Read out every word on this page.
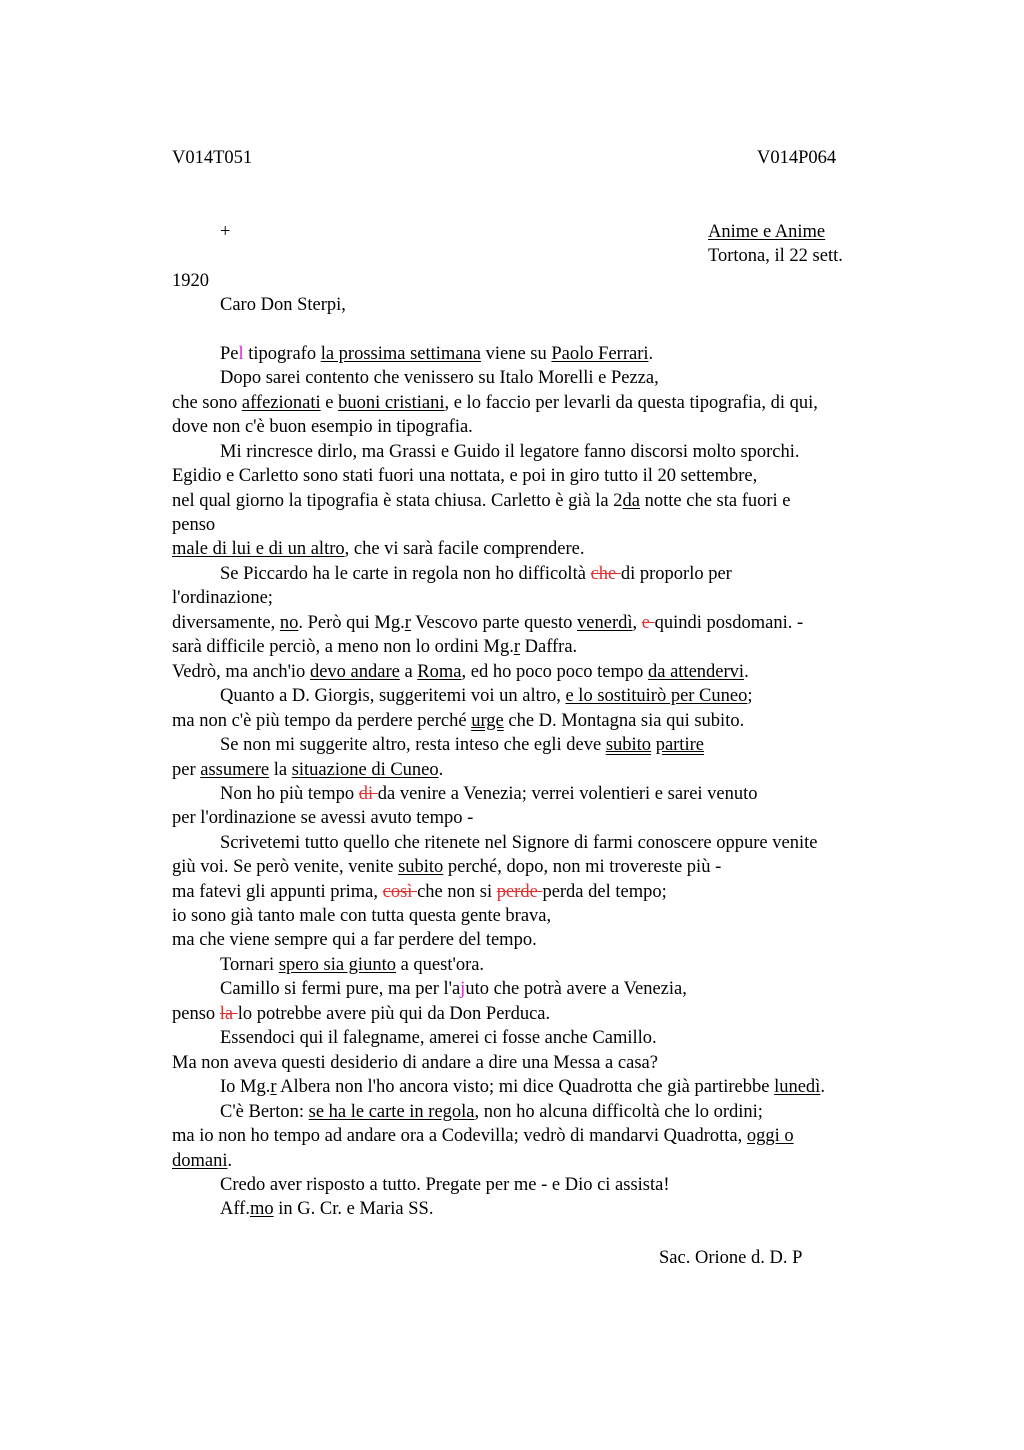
V014T051	V014P064
+	Anime e Anime
Tortona, il 22 sett.
1920
Caro Don Sterpi,
Pel tipografo la prossima settimana viene su Paolo Ferrari.
Dopo sarei contento che venissero su Italo Morelli e Pezza,
che sono affezionati e buoni cristiani, e lo faccio per levarli da questa tipografia, di qui,
dove non c'è buon esempio in tipografia.
Mi rincresce dirlo, ma Grassi e Guido il legatore fanno discorsi molto sporchi.
Egidio e Carletto sono stati fuori una nottata, e poi in giro tutto il 20 settembre,
nel qual giorno la tipografia è stata chiusa. Carletto è già la 2da notte che sta fuori e
penso
male di lui e di un altro, che vi sarà facile comprendere.
Se Piccardo ha le carte in regola non ho difficoltà che di proporlo per
l'ordinazione;
diversamente, no. Però qui Mg.r Vescovo parte questo venerdì, e quindi posdomani. -
sarà difficile perciò, a meno non lo ordini Mg.r Daffra.
Vedrò, ma anch'io devo andare a Roma, ed ho poco poco tempo da attendervi.
Quanto a D. Giorgis, suggeritemi voi un altro, e lo sostituirò per Cuneo;
ma non c'è più tempo da perdere perché urge che D. Montagna sia qui subito.
Se non mi suggerite altro, resta inteso che egli deve subito partire
per assumere la situazione di Cuneo.
Non ho più tempo di da venire a Venezia; verrei volentieri e sarei venuto
per l'ordinazione se avessi avuto tempo -
Scrivetemi tutto quello che ritenete nel Signore di farmi conoscere oppure venite
giù voi. Se però venite, venite subito perché, dopo, non mi trovereste più -
ma fatevi gli appunti prima, così che non si perde perda del tempo;
io sono già tanto male con tutta questa gente brava,
ma che viene sempre qui a far perdere del tempo.
Tornari spero sia giunto a quest'ora.
Camillo si fermi pure, ma per l'ajuto che potrà avere a Venezia,
penso la lo potrebbe avere più qui da Don Perduca.
Essendoci qui il falegname, amerei ci fosse anche Camillo.
Ma non aveva questi desiderio di andare a dire una Messa a casa?
Io Mg.r Albera non l'ho ancora visto; mi dice Quadrotta che già partirebbe lunedì.
C'è Berton: se ha le carte in regola, non ho alcuna difficoltà che lo ordini;
ma io non ho tempo ad andare ora a Codevilla; vedrò di mandarvi Quadrotta, oggi o
domani.
Credo aver risposto a tutto. Pregate per me - e Dio ci assista!
Aff.mo in G. Cr. e Maria SS.
Sac. Orione d. D. P
